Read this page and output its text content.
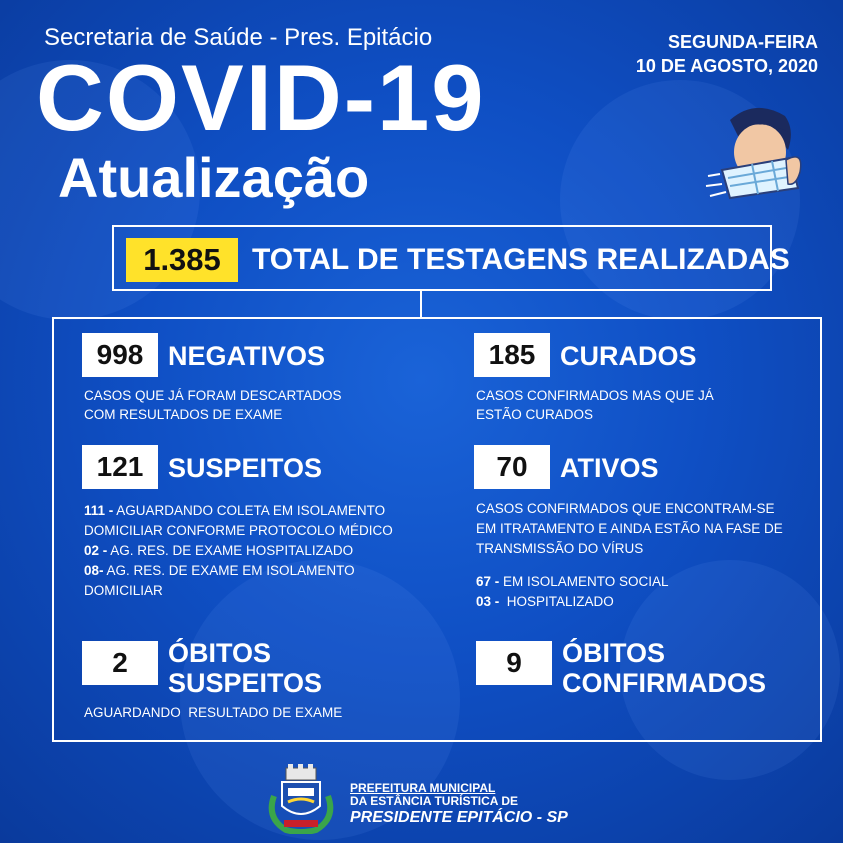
Secretaria de Saúde - Pres. Epitácio
COVID-19
Atualização
SEGUNDA-FEIRA
10 DE AGOSTO, 2020
1.385	TOTAL DE TESTAGENS REALIZADAS
998 NEGATIVOS
CASOS QUE JÁ FORAM DESCARTADOS
COM RESULTADOS DE EXAME
185 CURADOS
CASOS CONFIRMADOS MAS QUE JÁ
ESTÃO CURADOS
121 SUSPEITOS
111 - AGUARDANDO COLETA EM ISOLAMENTO
DOMICILIAR CONFORME PROTOCOLO MÉDICO
02 - AG. RES. DE EXAME HOSPITALIZADO
08- AG. RES. DE EXAME EM ISOLAMENTO
DOMICILIAR
70	ATIVOS
CASOS CONFIRMADOS QUE ENCONTRAM-SE
EM ITRATAMENTO E AINDA ESTÃO NA FASE DE
TRANSMISSÃO DO VÍRUS
67 - EM ISOLAMENTO SOCIAL
03 -  HOSPITALIZADO
2	ÓBITOS
SUSPEITOS
AGUARDANDO  RESULTADO DE EXAME
9	ÓBITOS
CONFIRMADOS
PREFEITURA MUNICIPAL
DA ESTÂNCIA TURÍSTICA DE
PRESIDENTE EPITÁCIO - SP
